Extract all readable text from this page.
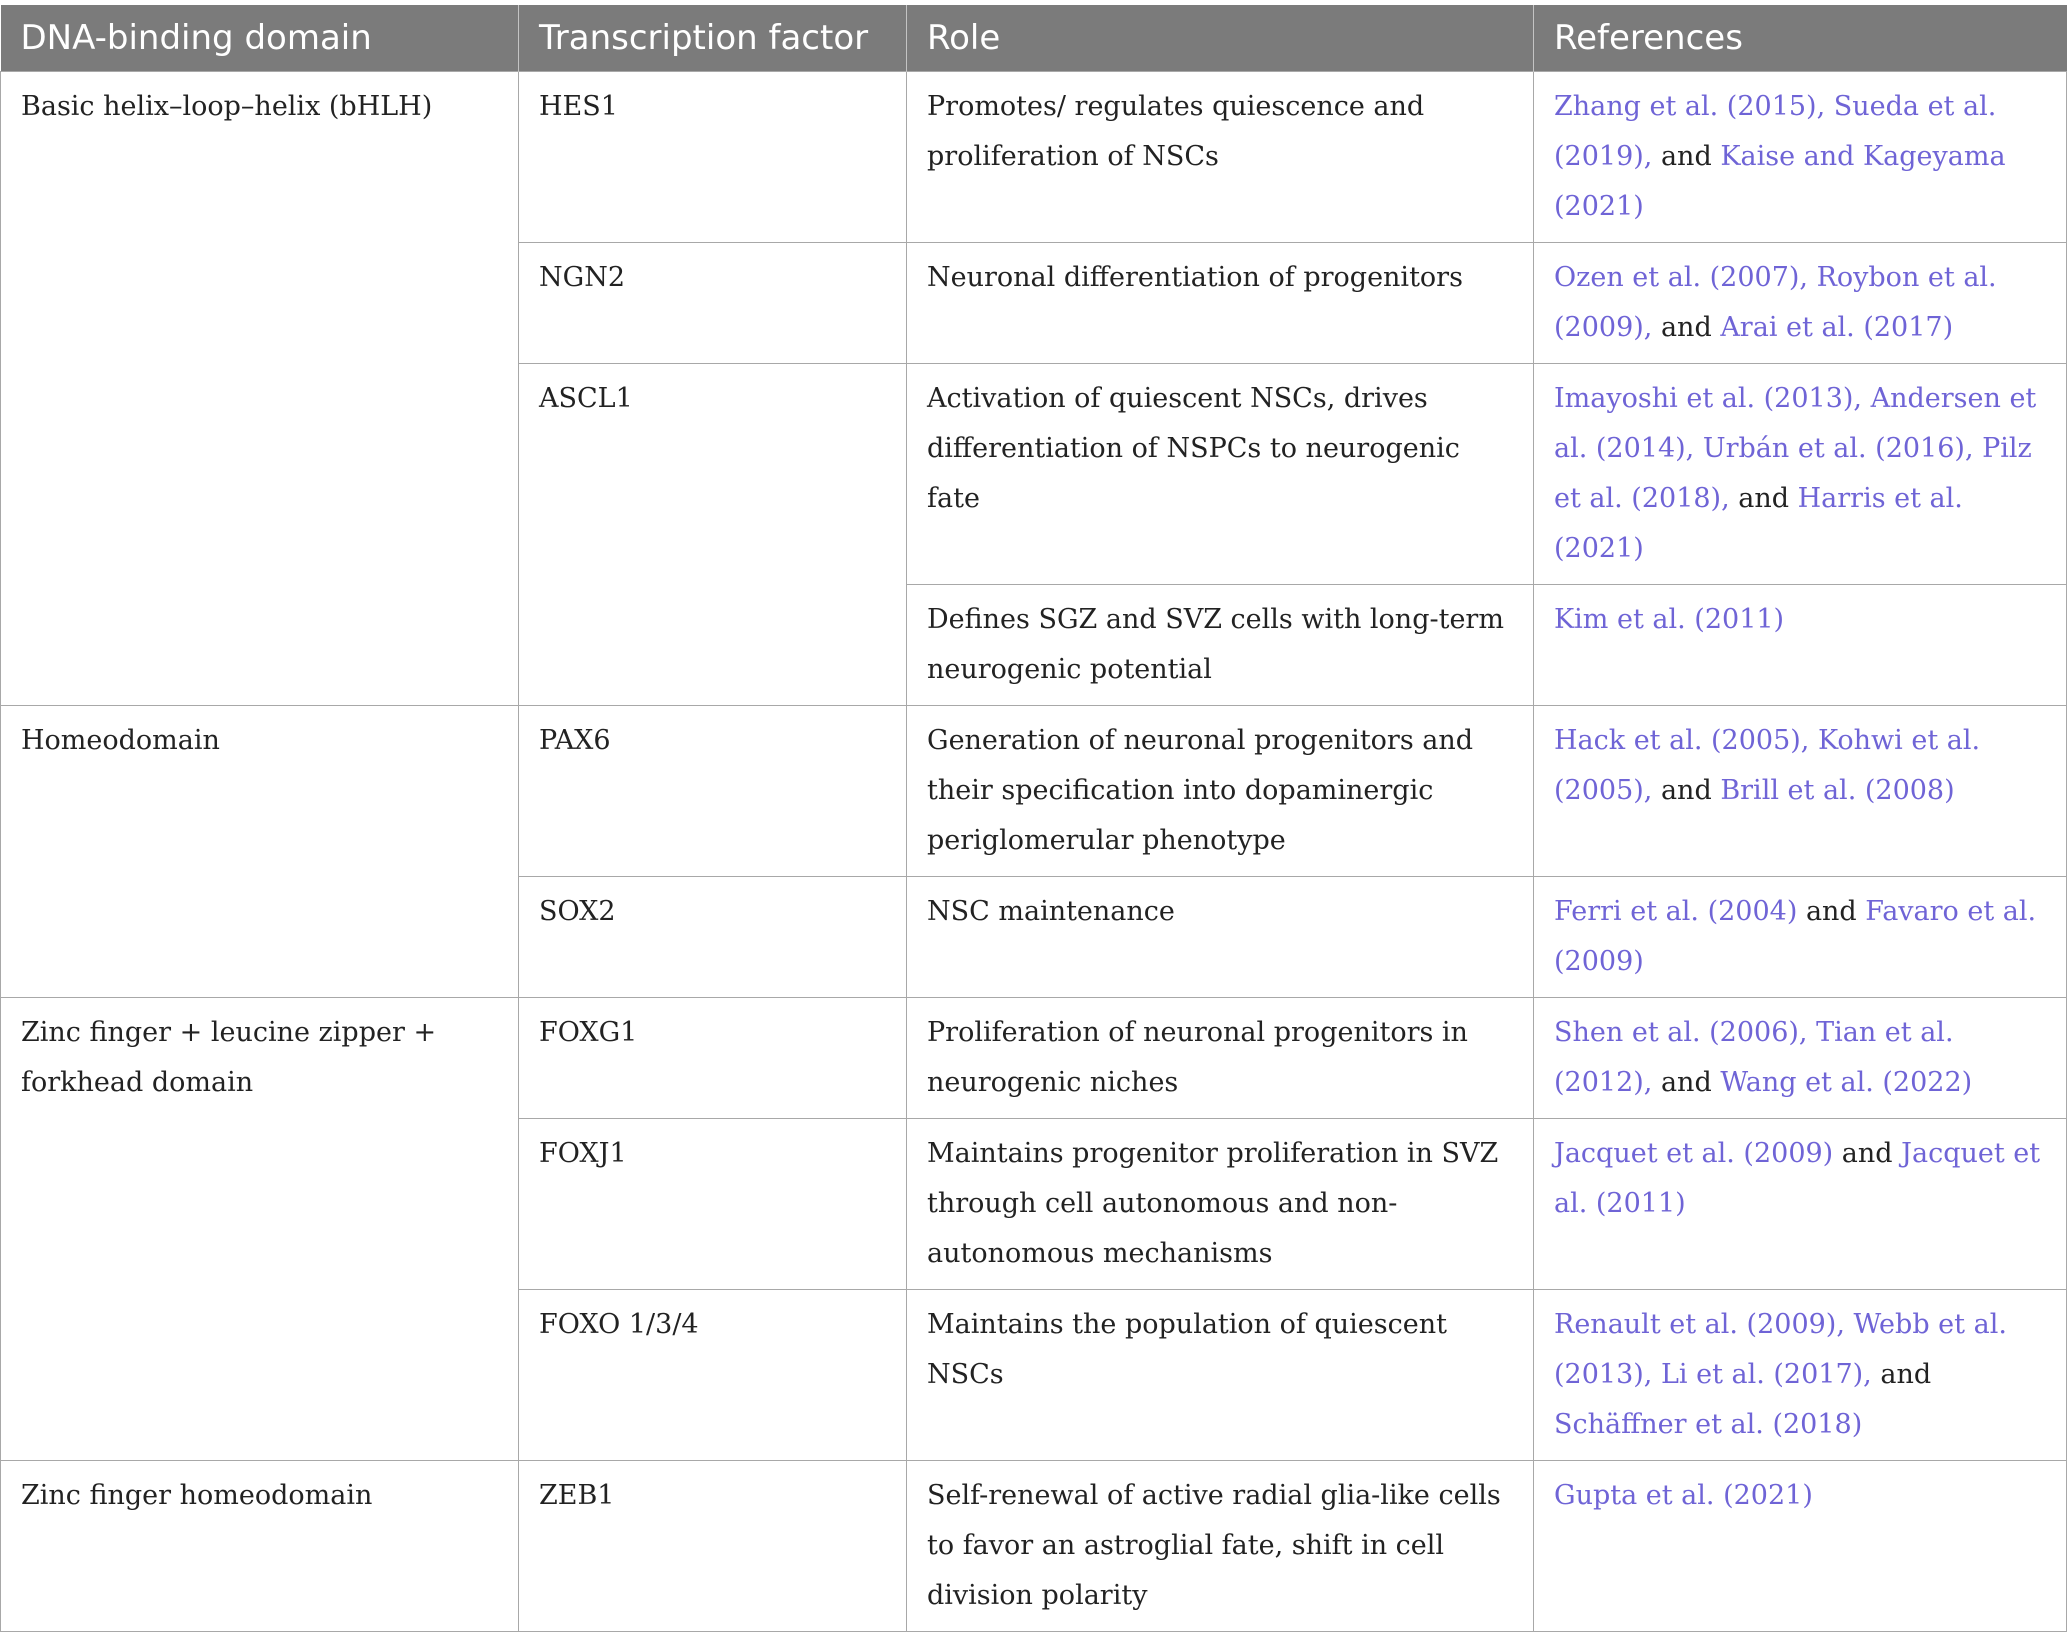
DNA-binding domain	Transcription factor	Role	References
Basic helix–loop–helix (bHLH)	HES1	Promotes/ regulates quiescence and proliferation of NSCs	Zhang et al. (2015), Sueda et al. (2019), and Kaise and Kageyama (2021)
	NGN2	Neuronal differentiation of progenitors	Ozen et al. (2007), Roybon et al. (2009), and Arai et al. (2017)
	ASCL1	Activation of quiescent NSCs, drives differentiation of NSPCs to neurogenic fate	Imayoshi et al. (2013), Andersen et al. (2014), Urbán et al. (2016), Pilz et al. (2018), and Harris et al. (2021)
		Defines SGZ and SVZ cells with long-term neurogenic potential	Kim et al. (2011)
Homeodomain	PAX6	Generation of neuronal progenitors and their specification into dopaminergic periglomerular phenotype	Hack et al. (2005), Kohwi et al. (2005), and Brill et al. (2008)
	SOX2	NSC maintenance	Ferri et al. (2004) and Favaro et al. (2009)
Zinc finger + leucine zipper + forkhead domain	FOXG1	Proliferation of neuronal progenitors in neurogenic niches	Shen et al. (2006), Tian et al. (2012), and Wang et al. (2022)
	FOXJ1	Maintains progenitor proliferation in SVZ through cell autonomous and non-autonomous mechanisms	Jacquet et al. (2009) and Jacquet et al. (2011)
	FOXO 1/3/4	Maintains the population of quiescent NSCs	Renault et al. (2009), Webb et al. (2013), Li et al. (2017), and Schäffner et al. (2018)
Zinc finger homeodomain	ZEB1	Self-renewal of active radial glia-like cells to favor an astroglial fate, shift in cell division polarity	Gupta et al. (2021)
